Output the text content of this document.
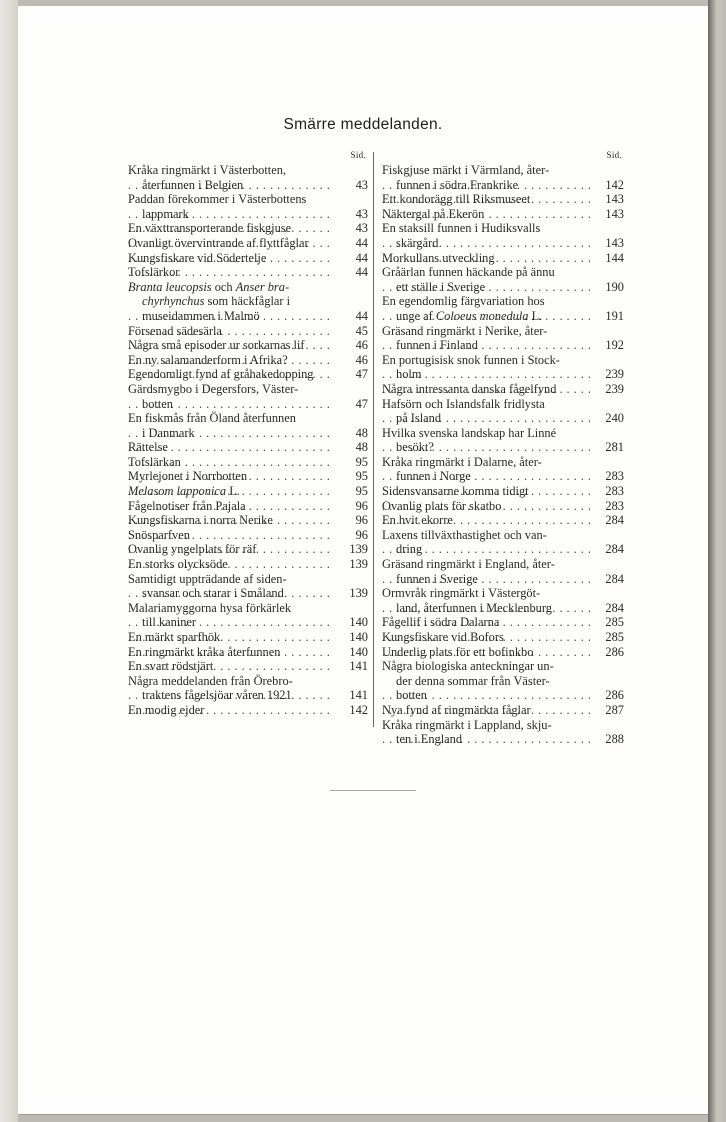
Smärre meddelanden.
Sid.
Kråka ringmärkt i Västerbotten,
återfunnen i Belgien .....	43
Paddan förekommer i Västerbottens
lappmark .....	43
En växttransporterande fiskgjuse .....	43
Ovanligt övervintrande af flyttfåglar .....	44
Kungsfiskare vid Södertelje .....	44
Tofslärkor .....	44
Branta leucopsis och Anser bra-
chyrhynchus som häckfåglar i
museidammen i Malmö .....	44
Försenad sädesärla .....	45
Några små episoder ur sorkarnas lif .....	46
En ny salamanderform i Afrika? .....	46
Egendomligt fynd af gråhakedopping .....	47
Gärdsmygbo i Degersfors, Väster-
botten .....	47
En fiskmås från Öland återfunnen
i Danmark .....	48
Rättelse .....	48
Tofslärkan .....	95
Myrlejonet i Norrbotten .....	95
Melasom lapponica L. .....	95
Fågelnotiser från Pajala .....	96
Kungsfiskarna i norra Nerike .....	96
Snösparfven .....	96
Ovanlig yngelplats för räf .....	139
En storks olycksöde .....	139
Samtidigt uppträdande af siden-
svansar och starar i Småland .....	139
Malariamyggorna hysa förkärlek
till kaniner .....	140
En märkt sparfhök .....	140
En ringmärkt kråka återfunnen .....	140
En svart rödstjärt .....	141
Några meddelanden från Örebro-
traktens fågelsjöar våren 1921 .....	141
En modig ejder .....	142
Sid.
Fiskgjuse märkt i Värmland, åter-
funnen i södra Frankrike .....	142
Ett kondorägg till Riksmuseet .....	143
Näktergal på Ekerön .....	143
En staksill funnen i Hudiksvalls
skärgård .....	143
Morkullans utveckling .....	144
Gråärlan funnen häckande på ännu
ett ställe i Sverige .....	190
En egendomlig färgvariation hos
unge af Coloeus monedula L. .....	191
Gräsand ringmärkt i Nerike, åter-
funnen i Finland .....	192
En portugisisk snok funnen i Stock-
holm .....	239
Några intressanta danska fågelfynd .....	239
Hafsörn och Islandsfalk fridlysta
på Island .....	240
Hvilka svenska landskap har Linné
besökt? .....	281
Kråka ringmärkt i Dalarne, åter-
funnen i Norge .....	283
Sidensvansarne komma tidigt .....	283
Ovanlig plats för skatbo .....	283
En hvit ekorre .....	284
Laxens tillväxthastighet och van-
dring .....	284
Gräsand ringmärkt i England, åter-
funnen i Sverige .....	284
Ormvråk ringmärkt i Västergöt-
land, återfunnen i Mecklenburg .....	284
Fågellif i södra Dalarna .....	285
Kungsfiskare vid Bofors .....	285
Underlig plats för ett bofinkbo .....	286
Några biologiska anteckningar un-
der denna sommar från Väster-
botten .....	286
Nya fynd af ringmärkta fåglar .....	287
Kråka ringmärkt i Lappland, skju-
ten i England .....	288
